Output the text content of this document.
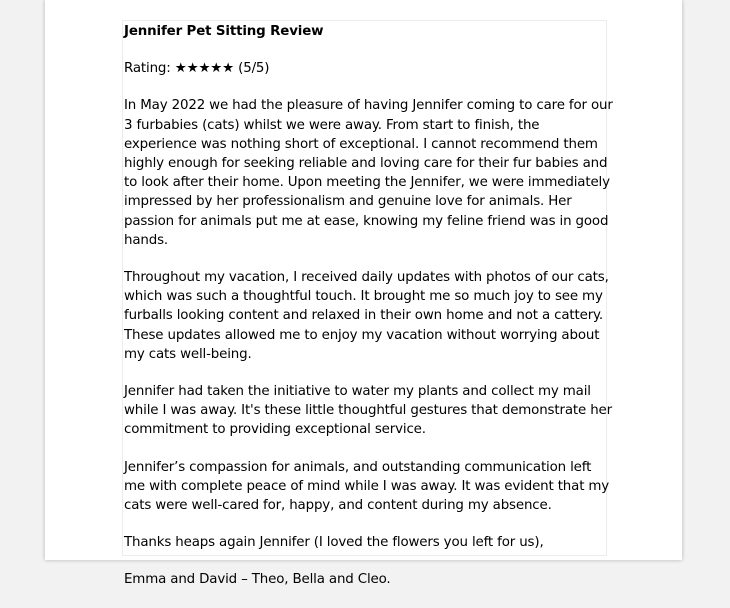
Jennifer Pet Sitting Review
Rating: ★★★★★ (5/5)
In May 2022 we had the pleasure of having Jennifer coming to care for our 3 furbabies (cats) whilst we were away. From start to finish, the experience was nothing short of exceptional. I cannot recommend them highly enough for seeking reliable and loving care for their fur babies and to look after their home. Upon meeting the Jennifer, we were immediately impressed by her professionalism and genuine love for animals. Her passion for animals put me at ease, knowing my feline friend was in good hands.
Throughout my vacation, I received daily updates with photos of our cats, which was such a thoughtful touch. It brought me so much joy to see my furballs looking content and relaxed in their own home and not a cattery. These updates allowed me to enjoy my vacation without worrying about my cats well-being.
Jennifer had taken the initiative to water my plants and collect my mail while I was away. It's these little thoughtful gestures that demonstrate her commitment to providing exceptional service.
Jennifer’s compassion for animals, and outstanding communication left me with complete peace of mind while I was away. It was evident that my cats were well-cared for, happy, and content during my absence.
Thanks heaps again Jennifer (I loved the flowers you left for us),
Emma and David – Theo, Bella and Cleo.
